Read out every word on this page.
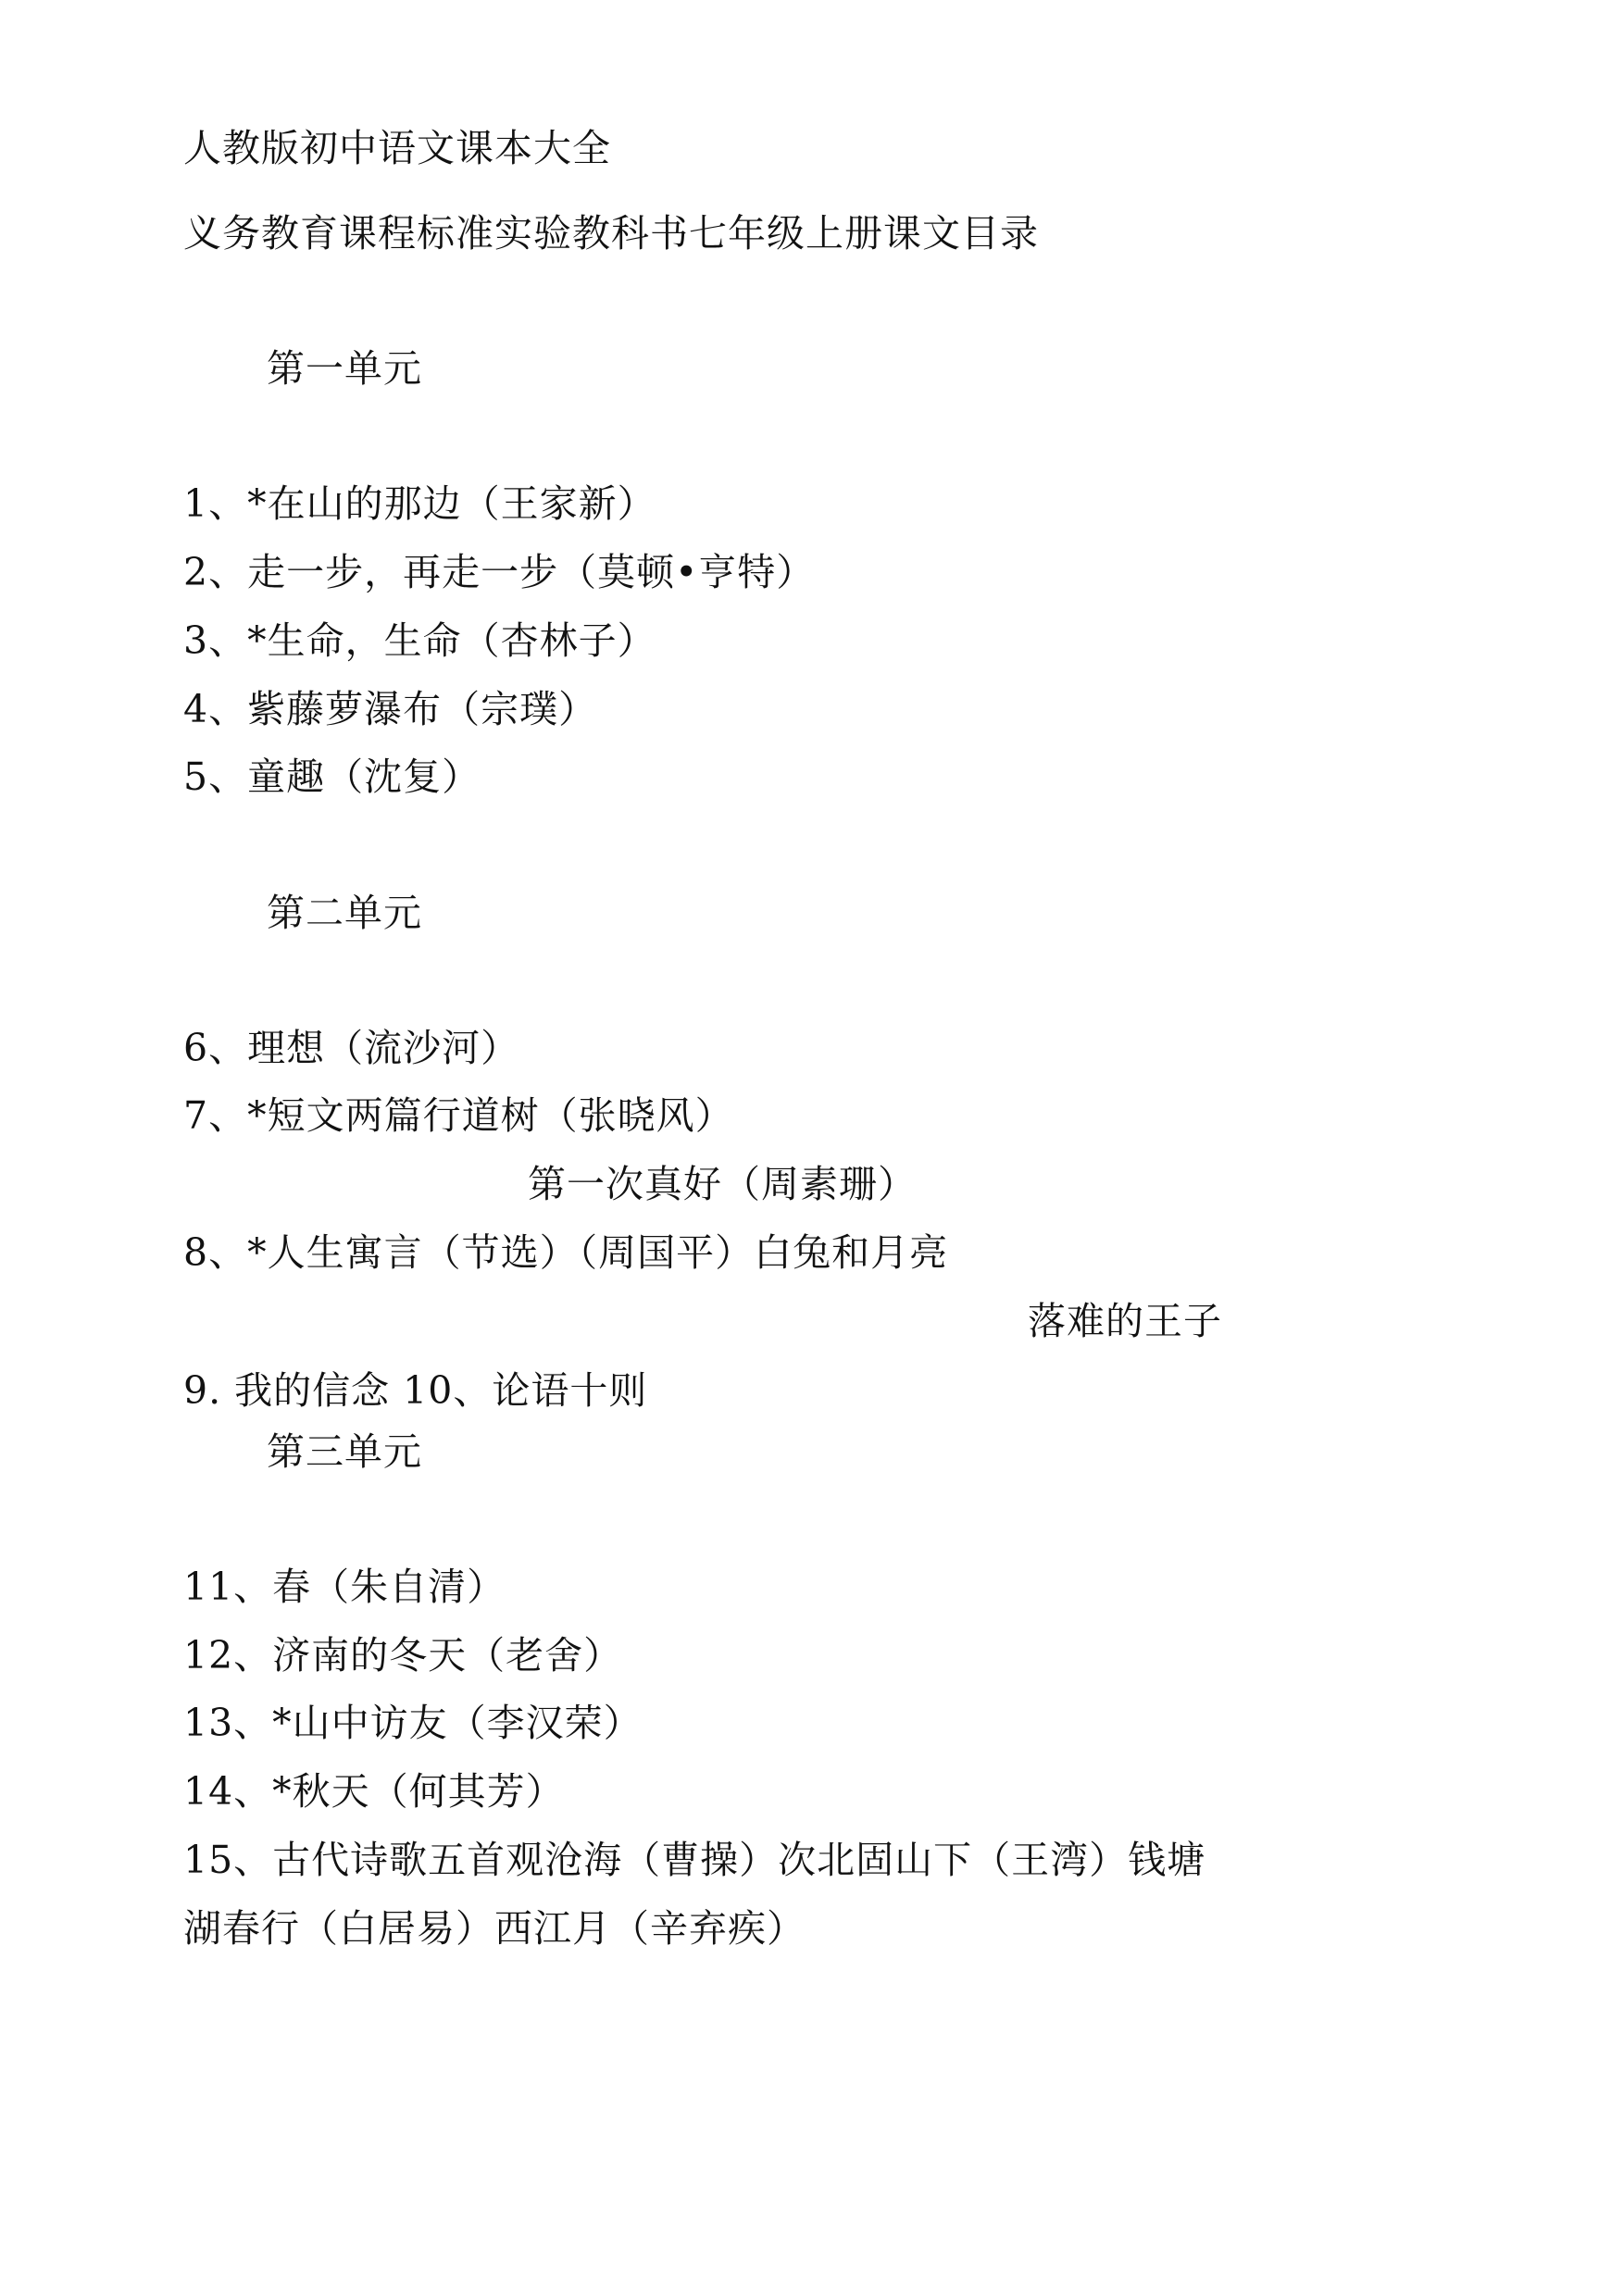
人教版初中语文课本大全
义务教育课程标准实验教科书七年级上册课文目录
第一单元
1、*在山的那边（王家新）
2、走一步，再走一步（莫顿•亨特）
3、*生命，生命（杏林子）
4、紫藤萝瀑布（宗璞）
5、童趣（沈复）
第二单元
6、理想（流沙河）
7、*短文两篇行道树（张晓风）
第一次真好（周素珊）
8、*人生寓言（节选）（周国平）白兔和月亮
落难的王子
9. 我的信念 10、论语十则
第三单元
11、春（朱自清）
12、济南的冬天（老舍）
13、*山中访友（李汉荣）
14、*秋天（何其芳）
15、古代诗歌五首观沧海（曹操）次北固山下（王湾）钱塘
湖春行（白居易）西江月（辛弃疾）
